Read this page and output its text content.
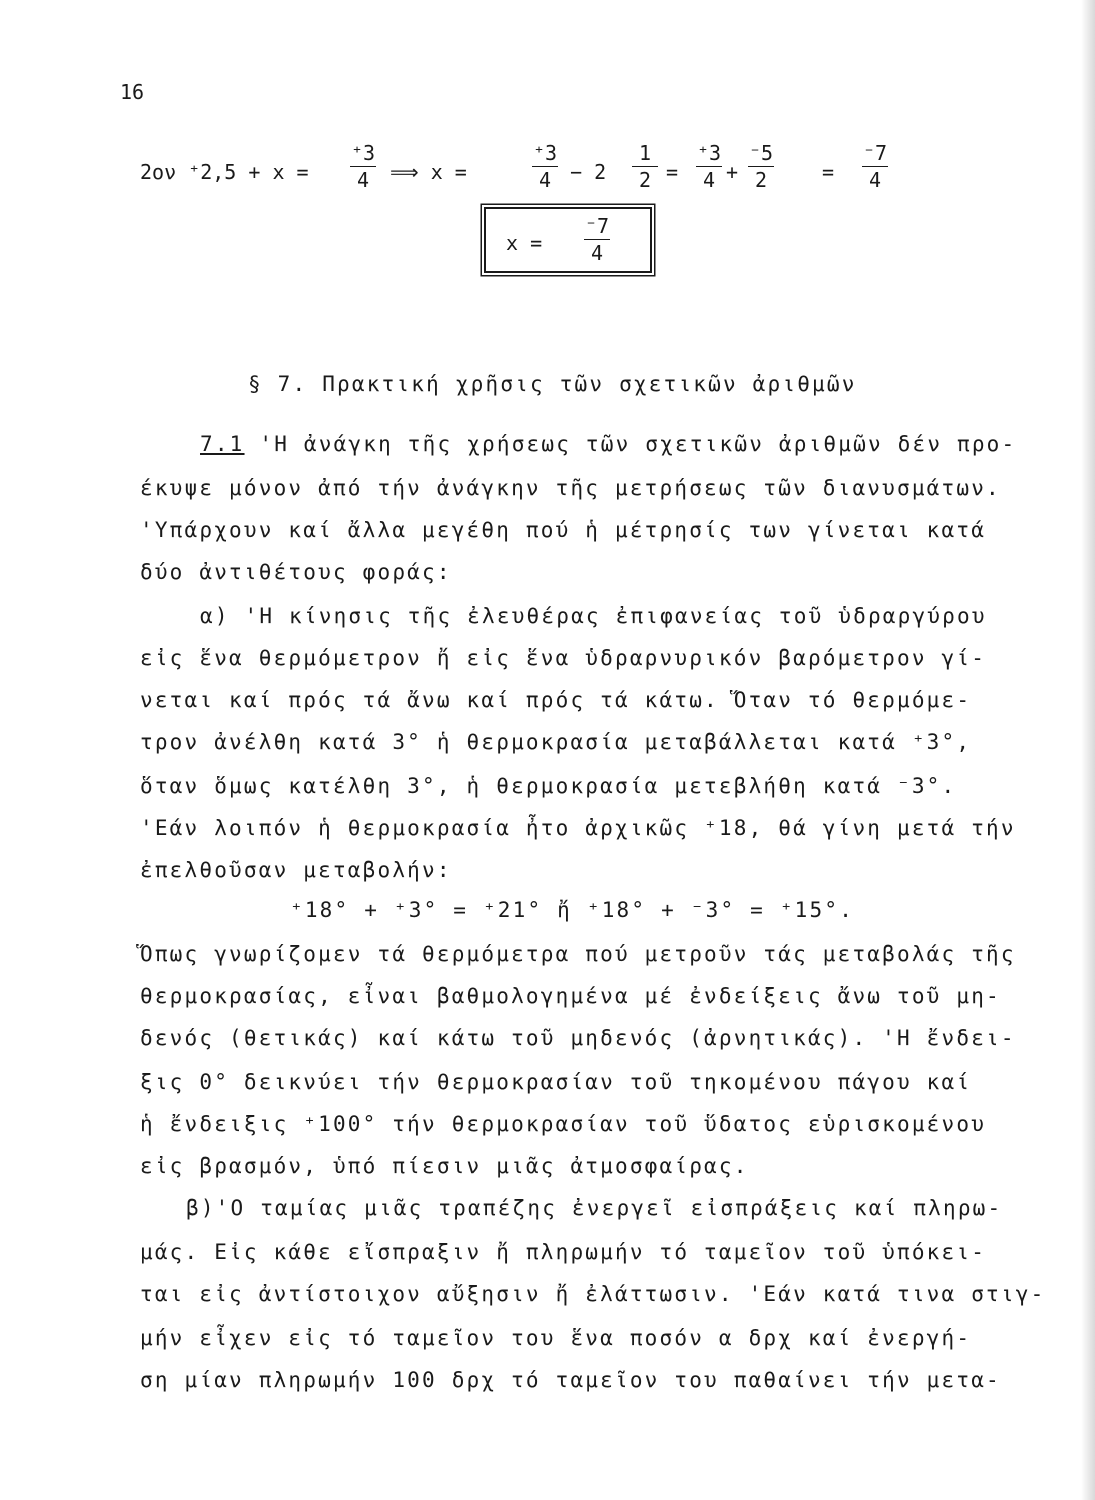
16
2ον ⁺2,5 + x =
⁺3
4	⟹ x =
⁺3
4 − 2
1
2 =
⁺3
4 +
⁻5
2	=
⁻7
4
x =
⁻7
4
§ 7. Πρακτική χρῆσις τῶν σχετικῶν ἀριθμῶν
7.1 'Η ἀνάγκη τῆς χρήσεως τῶν σχετικῶν ἀριθμῶν δέν προ-
έκυψε μόνον ἀπό τήν ἀνάγκην τῆς μετρήσεως τῶν διανυσμάτων.
'Υπάρχουν καί ἄλλα μεγέθη πού ἡ μέτρησίς των γίνεται κατά
δύο ἀντιθέτους φοράς:
α) 'Η κίνησις τῆς ἐλευθέρας ἐπιφανείας τοῦ ὑδραργύρου
εἰς ἕνα θερμόμετρον ἤ εἰς ἕνα ὑδραρνυρικόν βαρόμετρον γί-
νεται καί πρός τά ἄνω καί πρός τά κάτω. Ὅταν τό θερμόμε-
τρον ἀνέλθη κατά 3° ἡ θερμοκρασία μεταβάλλεται κατά ⁺3°,
ὅταν ὅμως κατέλθη 3°, ἡ θερμοκρασία μετεβλήθη κατά ⁻3°.
'Εάν λοιπόν ἡ θερμοκρασία ἦτο ἀρχικῶς ⁺18, θά γίνη μετά τήν
ἐπελθοῦσαν μεταβολήν:
⁺18° + ⁺3° = ⁺21° ἤ ⁺18° + ⁻3° = ⁺15°.
Ὅπως γνωρίζομεν τά θερμόμετρα πού μετροῦν τάς μεταβολάς τῆς
θερμοκρασίας, εἶναι βαθμολογημένα μέ ἐνδείξεις ἄνω τοῦ μη-
δενός (θετικάς) καί κάτω τοῦ μηδενός (ἀρνητικάς). 'Η ἔνδει-
ξις 0° δεικνύει τήν θερμοκρασίαν τοῦ τηκομένου πάγου καί
ἡ ἔνδειξις ⁺100° τήν θερμοκρασίαν τοῦ ὕδατος εὑρισκομένου
εἰς βρασμόν, ὑπό πίεσιν μιᾶς ἀτμοσφαίρας.
β)'Ο ταμίας μιᾶς τραπέζης ἐνεργεῖ εἰσπράξεις καί πληρω-
μάς. Εἰς κάθε εἴσπραξιν ἤ πληρωμήν τό ταμεῖον τοῦ ὑπόκει-
ται εἰς ἀντίστοιχον αὔξησιν ἤ ἐλάττωσιν. 'Εάν κατά τινα στιγ-
μήν εἶχεν εἰς τό ταμεῖον του ἕνα ποσόν α δρχ καί ἐνεργή-
ση μίαν πληρωμήν 100 δρχ τό ταμεῖον του παθαίνει τήν μετα-
